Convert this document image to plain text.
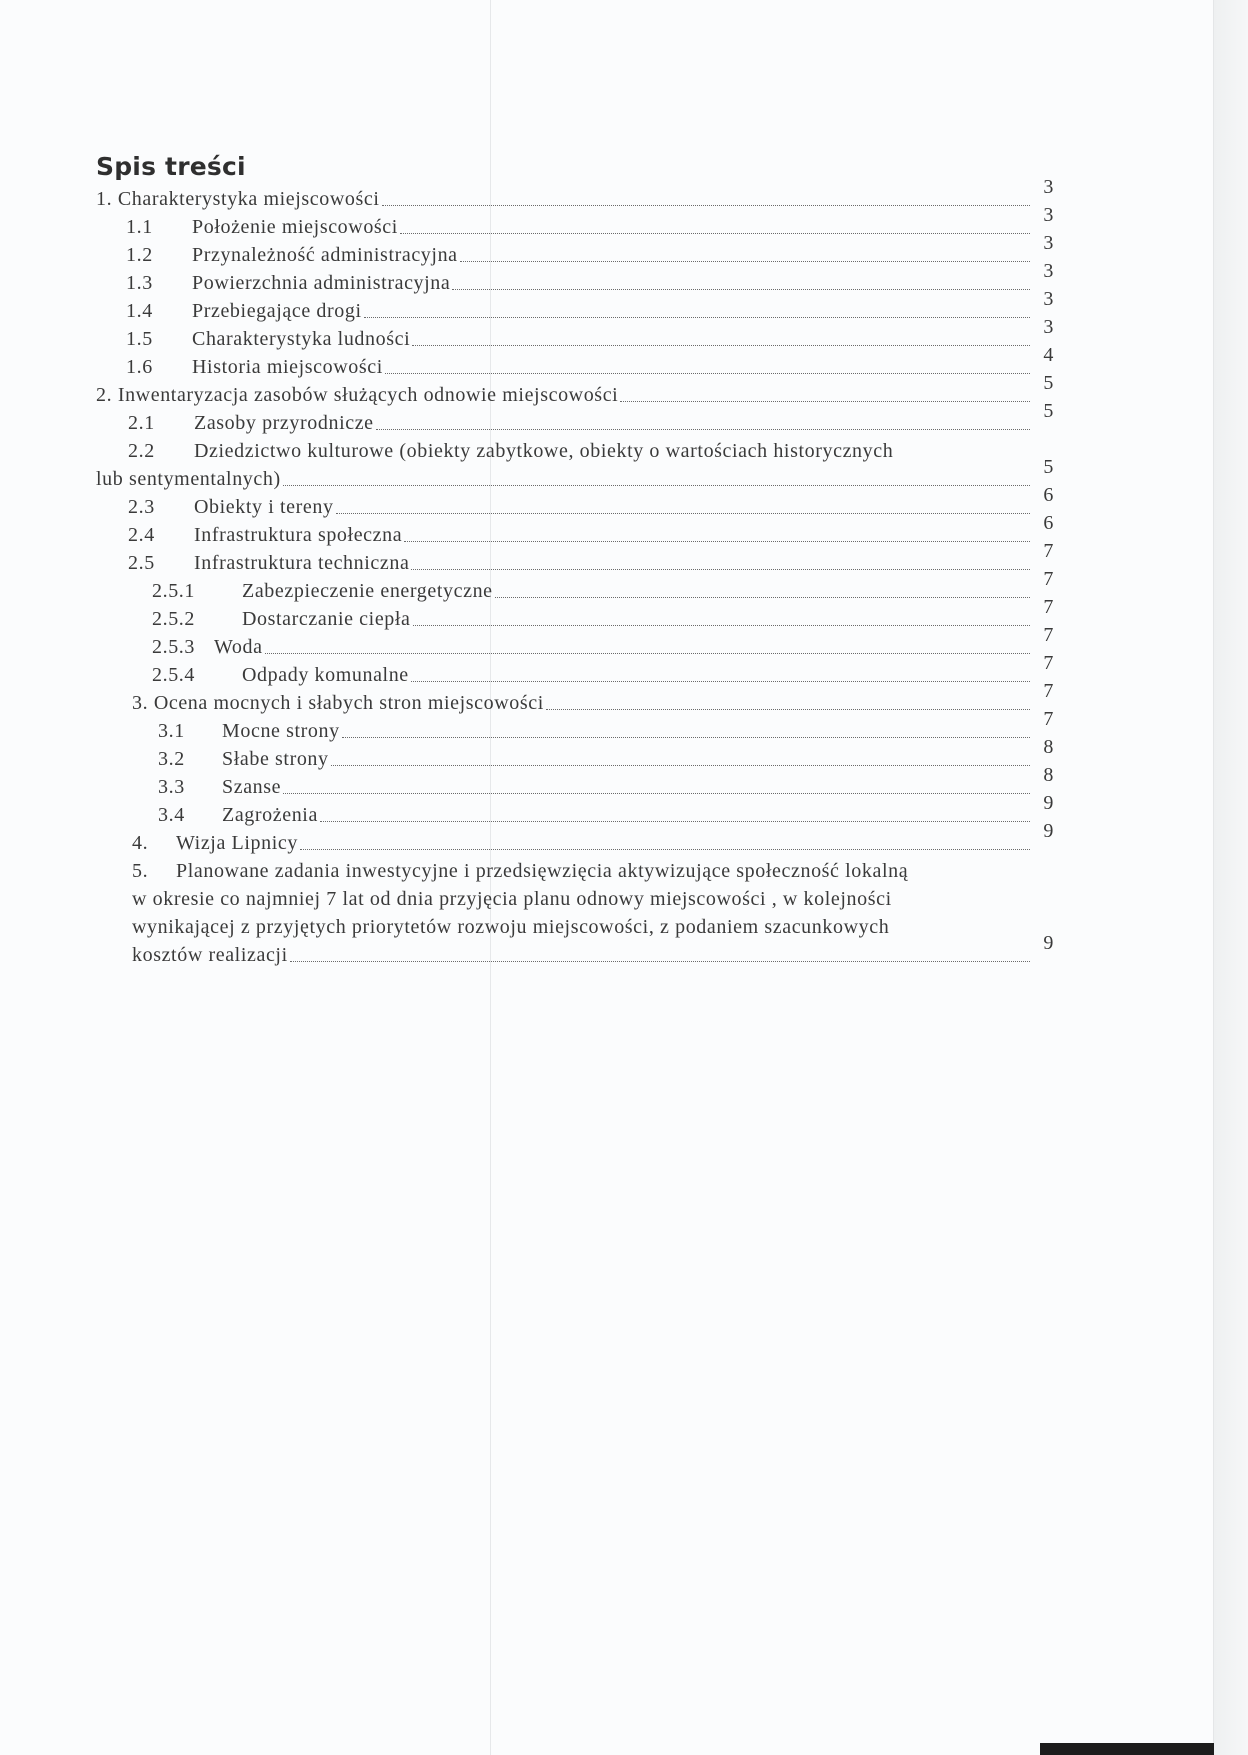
Spis treści
1. Charakterystyka miejscowości
3
1.1 Położenie miejscowości
3
1.2 Przynależność administracyjna
3
1.3 Powierzchnia administracyjna
3
1.4 Przebiegające drogi
3
1.5 Charakterystyka ludności
3
1.6 Historia miejscowości
4
2. Inwentaryzacja zasobów służących odnowie miejscowości
5
2.1 Zasoby przyrodnicze
5
2.2 Dziedzictwo kulturowe (obiekty zabytkowe, obiekty o wartościach historycznych
lub sentymentalnych)
5
2.3 Obiekty i tereny
6
2.4 Infrastruktura społeczna
6
2.5 Infrastruktura techniczna
7
2.5.1 Zabezpieczenie energetyczne
7
2.5.2 Dostarczanie ciepła
7
2.5.3 Woda
7
2.5.4 Odpady komunalne
7
3. Ocena mocnych i słabych stron miejscowości
7
3.1 Mocne strony
7
3.2 Słabe strony
8
3.3 Szanse
8
3.4 Zagrożenia
9
4. Wizja Lipnicy
9
5. Planowane zadania inwestycyjne i przedsięwzięcia aktywizujące społeczność lokalną
w okresie co najmniej 7 lat od dnia przyjęcia planu odnowy miejscowości , w kolejności
wynikającej z przyjętych priorytetów rozwoju miejscowości, z podaniem szacunkowych
kosztów realizacji
9
